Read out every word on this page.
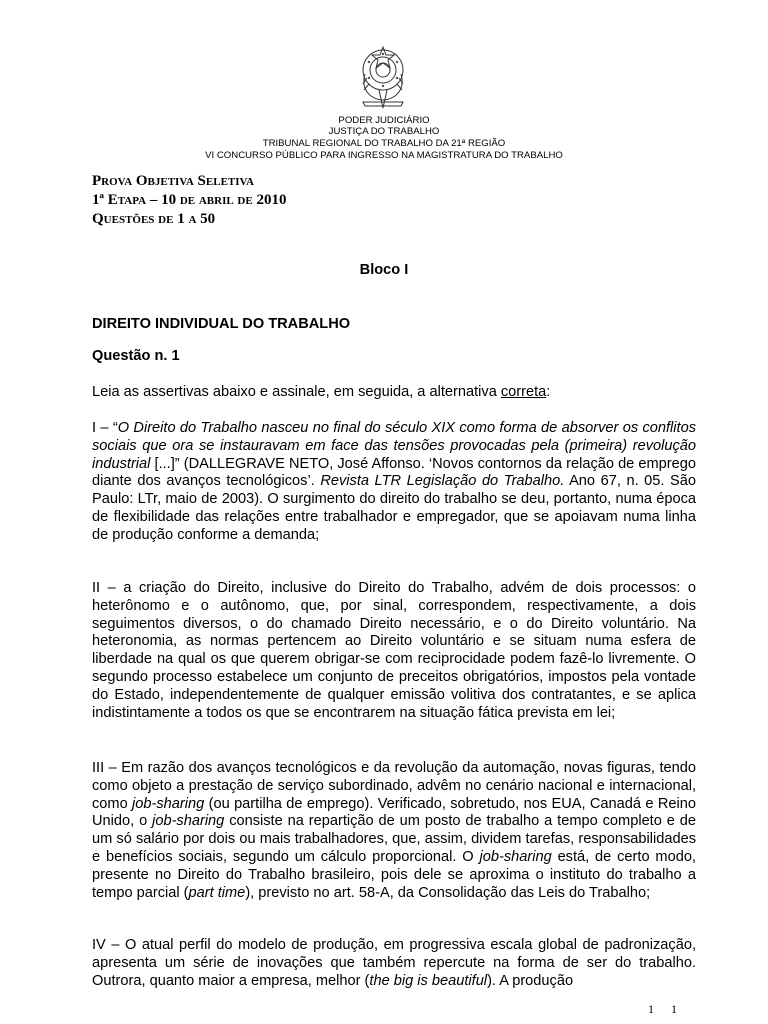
PODER JUDICIÁRIO
JUSTIÇA DO TRABALHO
TRIBUNAL REGIONAL DO TRABALHO DA 21ª REGIÃO
VI CONCURSO PÚBLICO PARA INGRESSO NA MAGISTRATURA DO TRABALHO
Prova Objetiva Seletiva
1ª Etapa – 10 de abril de 2010
Questões de 1 a 50
Bloco I
DIREITO INDIVIDUAL DO TRABALHO
Questão n. 1
Leia as assertivas abaixo e assinale, em seguida, a alternativa correta:
I – “O Direito do Trabalho nasceu no final do século XIX como forma de absorver os conflitos sociais que ora se instauravam em face das tensões provocadas pela (primeira) revolução industrial [...]” (DALLEGRAVE NETO, José Affonso. ‘Novos contornos da relação de emprego diante dos avanços tecnológicos’. Revista LTR Legislação do Trabalho. Ano 67, n. 05. São Paulo: LTr, maio de 2003). O surgimento do direito do trabalho se deu, portanto, numa época de flexibilidade das relações entre trabalhador e empregador, que se apoiavam numa linha de produção conforme a demanda;
II – a criação do Direito, inclusive do Direito do Trabalho, advém de dois processos: o heterônomo e o autônomo, que, por sinal, correspondem, respectivamente, a dois seguimentos diversos, o do chamado Direito necessário, e o do Direito voluntário. Na heteronomia, as normas pertencem ao Direito voluntário e se situam numa esfera de liberdade na qual os que querem obrigar-se com reciprocidade podem fazê-lo livremente. O segundo processo estabelece um conjunto de preceitos obrigatórios, impostos pela vontade do Estado, independentemente de qualquer emissão volitiva dos contratantes, e se aplica indistintamente a todos os que se encontrarem na situação fática prevista em lei;
III – Em razão dos avanços tecnológicos e da revolução da automação, novas figuras, tendo como objeto a prestação de serviço subordinado, advêm no cenário nacional e internacional, como job-sharing (ou partilha de emprego). Verificado, sobretudo, nos EUA, Canadá e Reino Unido, o job-sharing consiste na repartição de um posto de trabalho a tempo completo e de um só salário por dois ou mais trabalhadores, que, assim, dividem tarefas, responsabilidades e benefícios sociais, segundo um cálculo proporcional. O job-sharing está, de certo modo, presente no Direito do Trabalho brasileiro, pois dele se aproxima o instituto do trabalho a tempo parcial (part time), previsto no art. 58-A, da Consolidação das Leis do Trabalho;
IV – O atual perfil do modelo de produção, em progressiva escala global de padronização, apresenta um série de inovações que também repercute na forma de ser do trabalho. Outrora, quanto maior a empresa, melhor (the big is beautiful). A produção
1 1
